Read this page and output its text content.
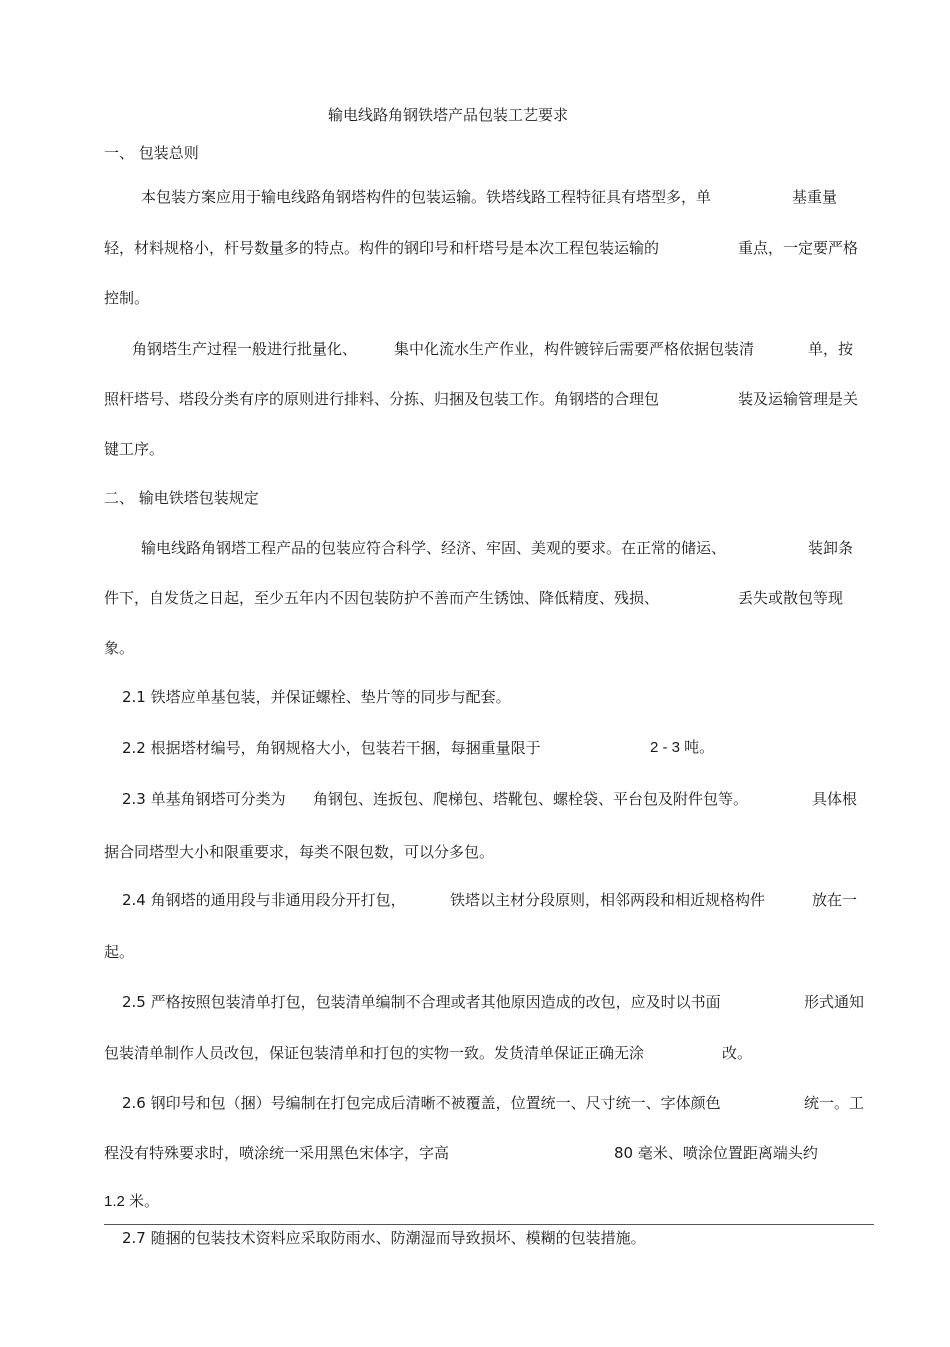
输电线路角钢铁塔产品包装工艺要求
一、 包装总则
本包装方案应用于输电线路角钢塔构件的包装运输。铁塔线路工程特征具有塔型多，单	基重量
轻，材料规格小，杆号数量多的特点。构件的钢印号和杆塔号是本次工程包装运输的	重点，一定要严格
控制。
角钢塔生产过程一般进行批量化、 集中化流水生产作业，构件镀锌后需要严格依据包装清	单，按
照杆塔号、塔段分类有序的原则进行排料、分拣、归捆及包装工作。角钢塔的合理包	装及运输管理是关
键工序。
二、 输电铁塔包装规定
输电线路角钢塔工程产品的包装应符合科学、经济、牢固、美观的要求。在正常的储运、	装卸条
件下，自发货之日起，至少五年内不因包装防护不善而产生锈蚀、降低精度、残损、	丢失或散包等现
象。
2.1 铁塔应单基包装，并保证螺栓、垫片等的同步与配套。
2.2 根据塔材编号，角钢规格大小，包装若干捆，每捆重量限于	2 - 3 吨。
2.3 单基角钢塔可分类为 角钢包、连扳包、爬梯包、塔靴包、螺栓袋、平台包及附件包等。	具体根
据合同塔型大小和限重要求，每类不限包数，可以分多包。
2.4 角钢塔的通用段与非通用段分开打包，	铁塔以主材分段原则，相邻两段和相近规格构件	放在一
起。
2.5 严格按照包装清单打包，包装清单编制不合理或者其他原因造成的改包，应及时以书面	形式通知
包装清单制作人员改包，保证包装清单和打包的实物一致。发货清单保证正确无涂	改。
2.6 钢印号和包（捆）号编制在打包完成后清晰不被覆盖，位置统一、尺寸统一、字体颜色	统一。工
程没有特殊要求时，喷涂统一采用黑色宋体字，字高	80 毫米、喷涂位置距离端头约
1.2 米。
2.7 随捆的包装技术资料应采取防雨水、防潮湿而导致损坏、模糊的包装措施。
